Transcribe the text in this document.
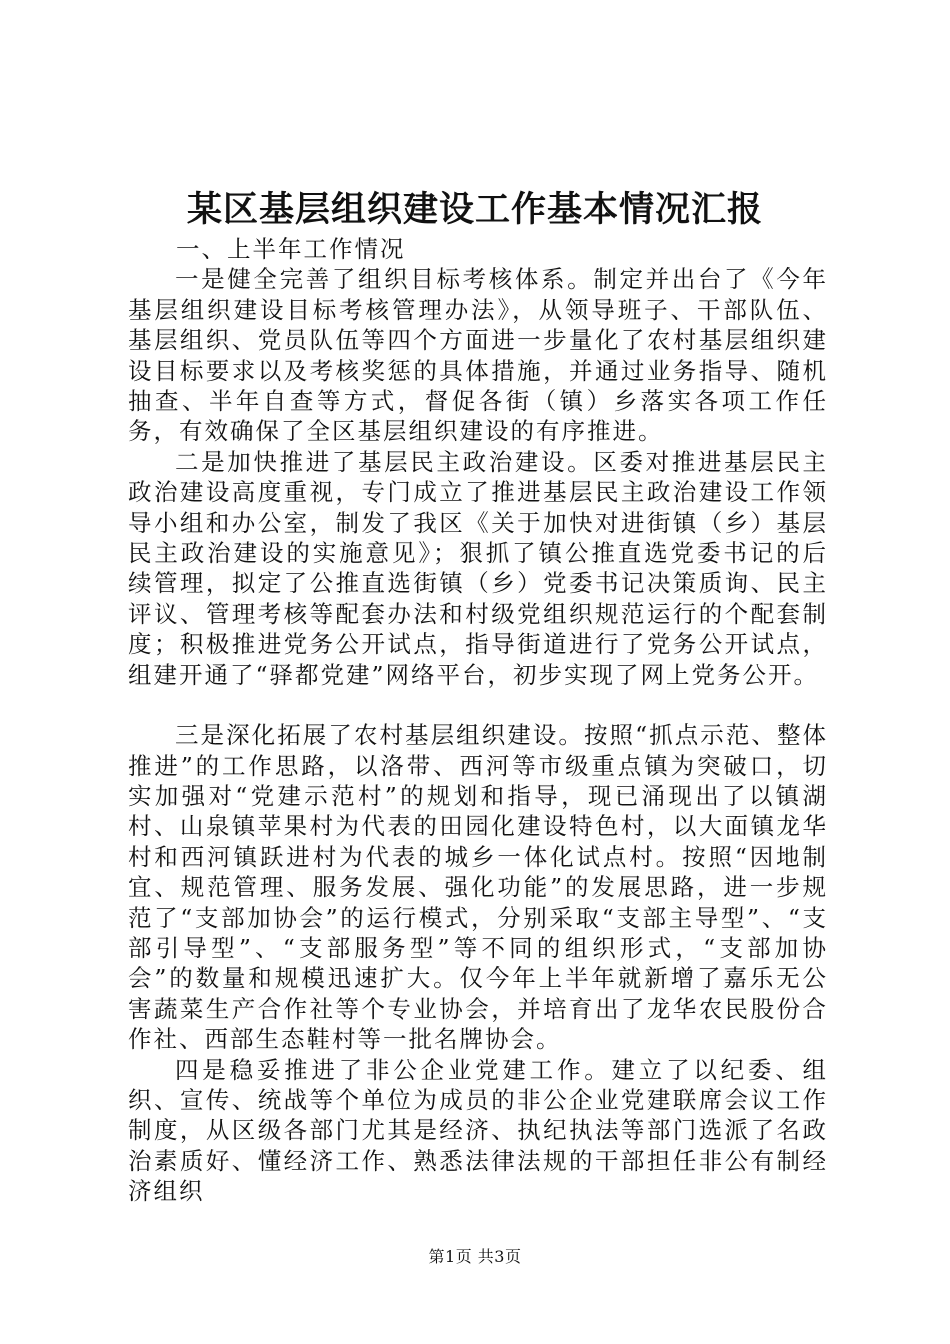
某区基层组织建设工作基本情况汇报

一、上半年工作情况

一是健全完善了组织目标考核体系。制定并出台了《今年基层组织建设目标考核管理办法》，从领导班子、干部队伍、基层组织、党员队伍等四个方面进一步量化了农村基层组织建设目标要求以及考核奖惩的具体措施，并通过业务指导、随机抽查、半年自查等方式，督促各街（镇）乡落实各项工作任务，有效确保了全区基层组织建设的有序推进。

二是加快推进了基层民主政治建设。区委对推进基层民主政治建设高度重视，专门成立了推进基层民主政治建设工作领导小组和办公室，制发了我区《关于加快对进街镇（乡）基层民主政治建设的实施意见》；狠抓了镇公推直选党委书记的后续管理，拟定了公推直选街镇（乡）党委书记决策质询、民主评议、管理考核等配套办法和村级党组织规范运行的个配套制度；积极推进党务公开试点，指导街道进行了党务公开试点，组建开通了“驿都党建”网络平台，初步实现了网上党务公开。

三是深化拓展了农村基层组织建设。按照“抓点示范、整体推进”的工作思路，以洛带、西河等市级重点镇为突破口，切实加强对“党建示范村”的规划和指导，现已涌现出了以镇湖村、山泉镇苹果村为代表的田园化建设特色村，以大面镇龙华村和西河镇跃进村为代表的城乡一体化试点村。按照“因地制宜、规范管理、服务发展、强化功能”的发展思路，进一步规范了“支部加协会”的运行模式，分别采取“支部主导型”、“支部引导型”、“支部服务型”等不同的组织形式，“支部加协会”的数量和规模迅速扩大。仅今年上半年就新增了嘉乐无公害蔬菜生产合作社等个专业协会，并培育出了龙华农民股份合作社、西部生态鞋村等一批名牌协会。

四是稳妥推进了非公企业党建工作。建立了以纪委、组织、宣传、统战等个单位为成员的非公企业党建联席会议工作制度，从区级各部门尤其是经济、执纪执法等部门选派了名政治素质好、懂经济工作、熟悉法律法规的干部担任非公有制经济组织

第1页 共3页
